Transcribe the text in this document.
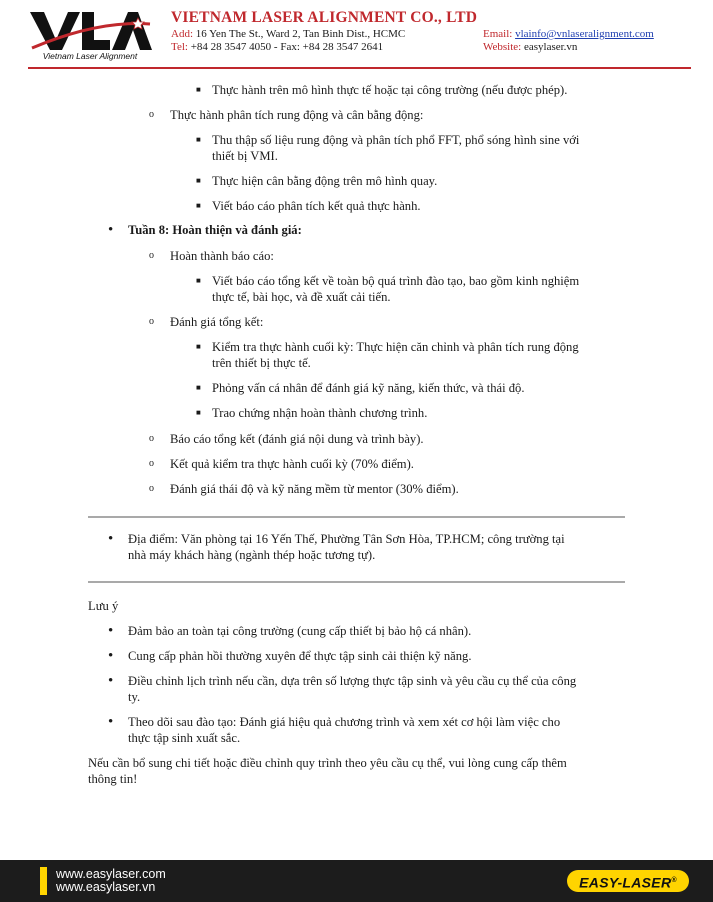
Vietnam Laser Alignment
VIETNAM LASER ALIGNMENT CO., LTD
Add: 16 Yen The St., Ward 2, Tan Binh Dist., HCMC
Tel: +84 28 3547 4050 - Fax: +84 28 3547 2641
Email: vlainfo@vnlaseralignment.com
Website: easylaser.vn
■ Thực hành trên mô hình thực tế hoặc tại công trường (nếu được phép).
o Thực hành phân tích rung động và cân bằng động:
■ Thu thập số liệu rung động và phân tích phổ FFT, phổ sóng hình sine với
thiết bị VMI.
■ Thực hiện cân bằng động trên mô hình quay.
■ Viết báo cáo phân tích kết quả thực hành.
• Tuần 8: Hoàn thiện và đánh giá:
o Hoàn thành báo cáo:
■ Viết báo cáo tổng kết về toàn bộ quá trình đào tạo, bao gồm kinh nghiệm
thực tế, bài học, và đề xuất cải tiến.
o Đánh giá tổng kết:
■ Kiểm tra thực hành cuối kỳ: Thực hiện căn chỉnh và phân tích rung động
trên thiết bị thực tế.
■ Phỏng vấn cá nhân để đánh giá kỹ năng, kiến thức, và thái độ.
■ Trao chứng nhận hoàn thành chương trình.
o Báo cáo tổng kết (đánh giá nội dung và trình bày).
o Kết quả kiểm tra thực hành cuối kỳ (70% điểm).
o Đánh giá thái độ và kỹ năng mềm từ mentor (30% điểm).
• Địa điểm: Văn phòng tại 16 Yến Thế, Phường Tân Sơn Hòa, TP.HCM; công trường tại
nhà máy khách hàng (ngành thép hoặc tương tự).
Lưu ý
• Đảm bảo an toàn tại công trường (cung cấp thiết bị bảo hộ cá nhân).
• Cung cấp phản hồi thường xuyên để thực tập sinh cải thiện kỹ năng.
• Điều chỉnh lịch trình nếu cần, dựa trên số lượng thực tập sinh và yêu cầu cụ thể của công
ty.
• Theo dõi sau đào tạo: Đánh giá hiệu quả chương trình và xem xét cơ hội làm việc cho
thực tập sinh xuất sắc.
Nếu cần bổ sung chi tiết hoặc điều chỉnh quy trình theo yêu cầu cụ thể, vui lòng cung cấp thêm
thông tin!
www.easylaser.com
www.easylaser.vn	EASY-LASER®
